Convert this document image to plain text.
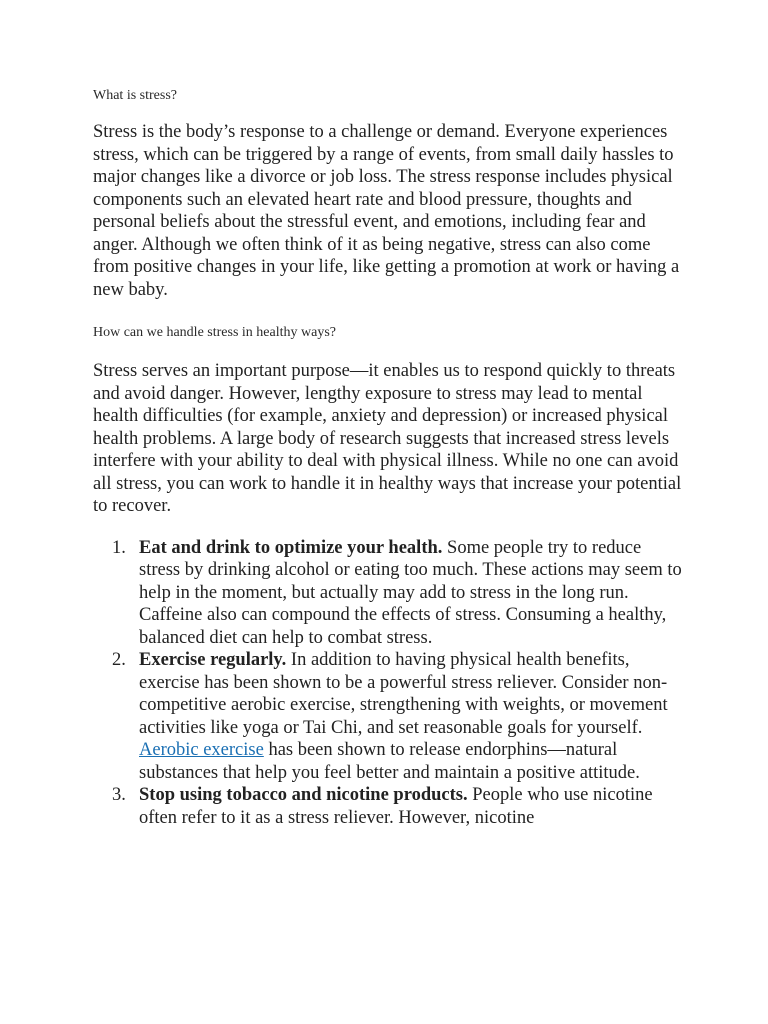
What is stress?

Stress is the body’s response to a challenge or demand. Everyone experiences stress, which can be triggered by a range of events, from small daily hassles to major changes like a divorce or job loss. The stress response includes physical components such an elevated heart rate and blood pressure, thoughts and personal beliefs about the stressful event, and emotions, including fear and anger. Although we often think of it as being negative, stress can also come from positive changes in your life, like getting a promotion at work or having a new baby.

How can we handle stress in healthy ways?

Stress serves an important purpose—it enables us to respond quickly to threats and avoid danger. However, lengthy exposure to stress may lead to mental health difficulties (for example, anxiety and depression) or increased physical health problems. A large body of research suggests that increased stress levels interfere with your ability to deal with physical illness. While no one can avoid all stress, you can work to handle it in healthy ways that increase your potential to recover.

1. Eat and drink to optimize your health. Some people try to reduce stress by drinking alcohol or eating too much. These actions may seem to help in the moment, but actually may add to stress in the long run. Caffeine also can compound the effects of stress. Consuming a healthy, balanced diet can help to combat stress.
2. Exercise regularly. In addition to having physical health benefits, exercise has been shown to be a powerful stress reliever. Consider non-competitive aerobic exercise, strengthening with weights, or movement activities like yoga or Tai Chi, and set reasonable goals for yourself. Aerobic exercise has been shown to release endorphins—natural substances that help you feel better and maintain a positive attitude.
3. Stop using tobacco and nicotine products. People who use nicotine often refer to it as a stress reliever. However, nicotine
